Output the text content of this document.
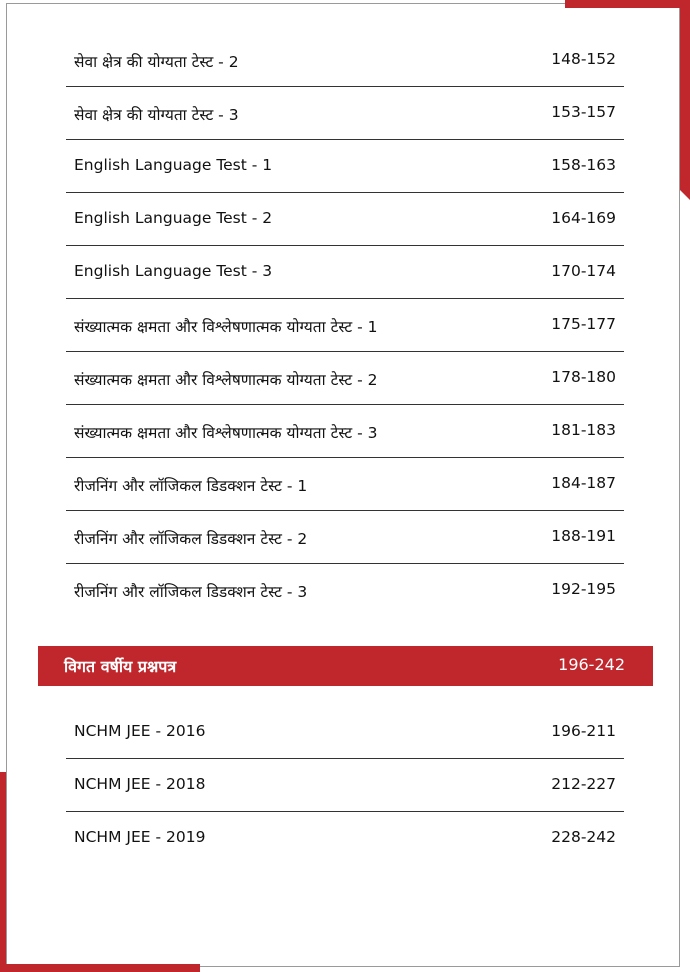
सेवा क्षेत्र की योग्यता टेस्ट - 2	148-152
सेवा क्षेत्र की योग्यता टेस्ट - 3	153-157
English Language Test - 1	158-163
English Language Test - 2	164-169
English Language Test - 3	170-174
संख्यात्मक क्षमता और विश्लेषणात्मक योग्यता टेस्ट - 1	175-177
संख्यात्मक क्षमता और विश्लेषणात्मक योग्यता टेस्ट - 2	178-180
संख्यात्मक क्षमता और विश्लेषणात्मक योग्यता टेस्ट - 3	181-183
रीजनिंग और लॉजिकल डिडक्शन टेस्ट - 1	184-187
रीजनिंग और लॉजिकल डिडक्शन टेस्ट - 2	188-191
रीजनिंग और लॉजिकल डिडक्शन टेस्ट - 3	192-195
विगत वर्षीय प्रश्नपत्र	196-242
NCHM JEE - 2016	196-211
NCHM JEE - 2018	212-227
NCHM JEE - 2019	228-242
